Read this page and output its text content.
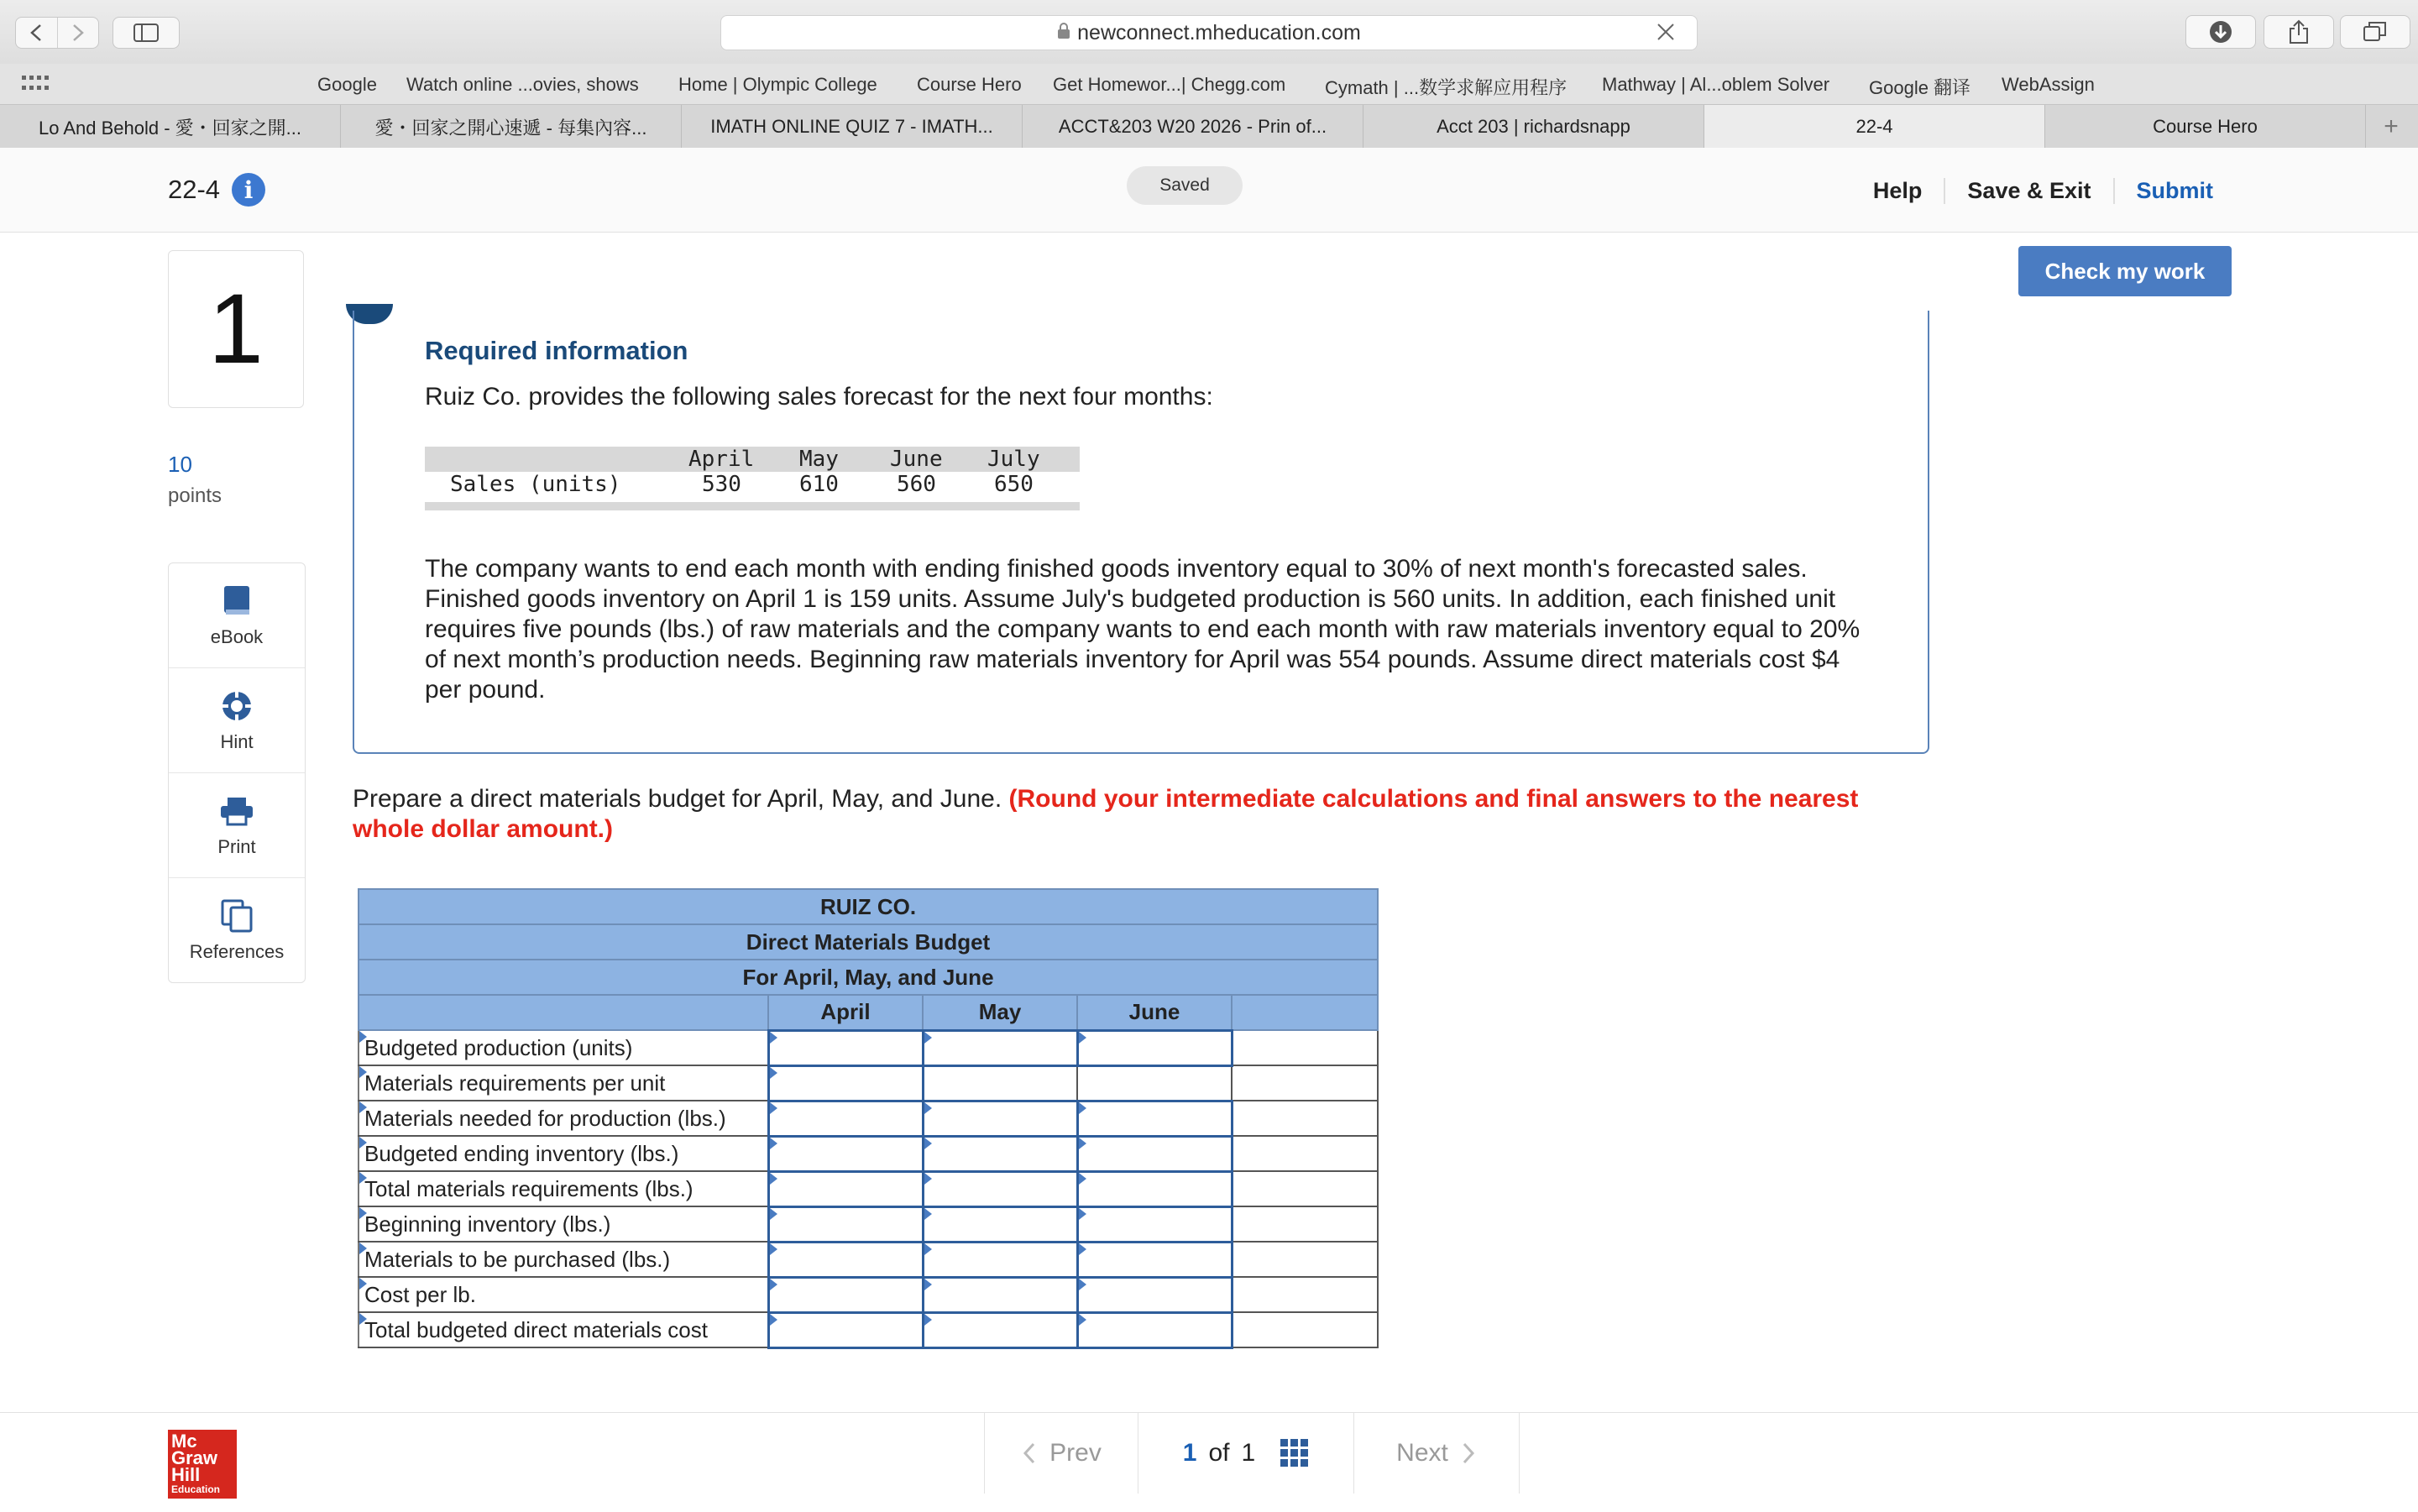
newconnect.mheducation.com
Google Watch online ...ovies, shows Home | Olympic College Course Hero Get Homewor...| Chegg.com Cymath | ...数学求解应用程序 Mathway | Al...oblem Solver Google 翻译 WebAssign
Lo And Behold - 愛・回家之開...	愛・回家之開心速遞 - 每集內容...	IMATH ONLINE QUIZ 7 - IMATH...	ACCT&203 W20 2026 - Prin of...	Acct 203 | richardsnapp	22-4	Course Hero	+
22-4	i	Saved	Help	Save & Exit	Submit
Check my work
1
10
points
eBook
Hint
Print
References
Required information
Ruiz Co. provides the following sales forecast for the next four months:
April May June July
Sales (units)	530	610	560	650
The company wants to end each month with ending finished goods inventory equal to 30% of next month's forecasted sales. Finished goods inventory on April 1 is 159 units. Assume July's budgeted production is 560 units. In addition, each finished unit requires five pounds (lbs.) of raw materials and the company wants to end each month with raw materials inventory equal to 20% of next month’s production needs. Beginning raw materials inventory for April was 554 pounds. Assume direct materials cost $4 per pound.
Prepare a direct materials budget for April, May, and June. (Round your intermediate calculations and final answers to the nearest whole dollar amount.)
RUIZ CO.				
Direct Materials Budget				
For April, May, and June				
	April	May	June	
Budgeted production (units)				
Materials requirements per unit				
Materials needed for production (lbs.)				
Budgeted ending inventory (lbs.)				
Total materials requirements (lbs.)				
Beginning inventory (lbs.)				
Materials to be purchased (lbs.)				
Cost per lb.				
Total budgeted direct materials cost				
Mc
Graw
Hill
Education
Prev	1 of 1	Next
